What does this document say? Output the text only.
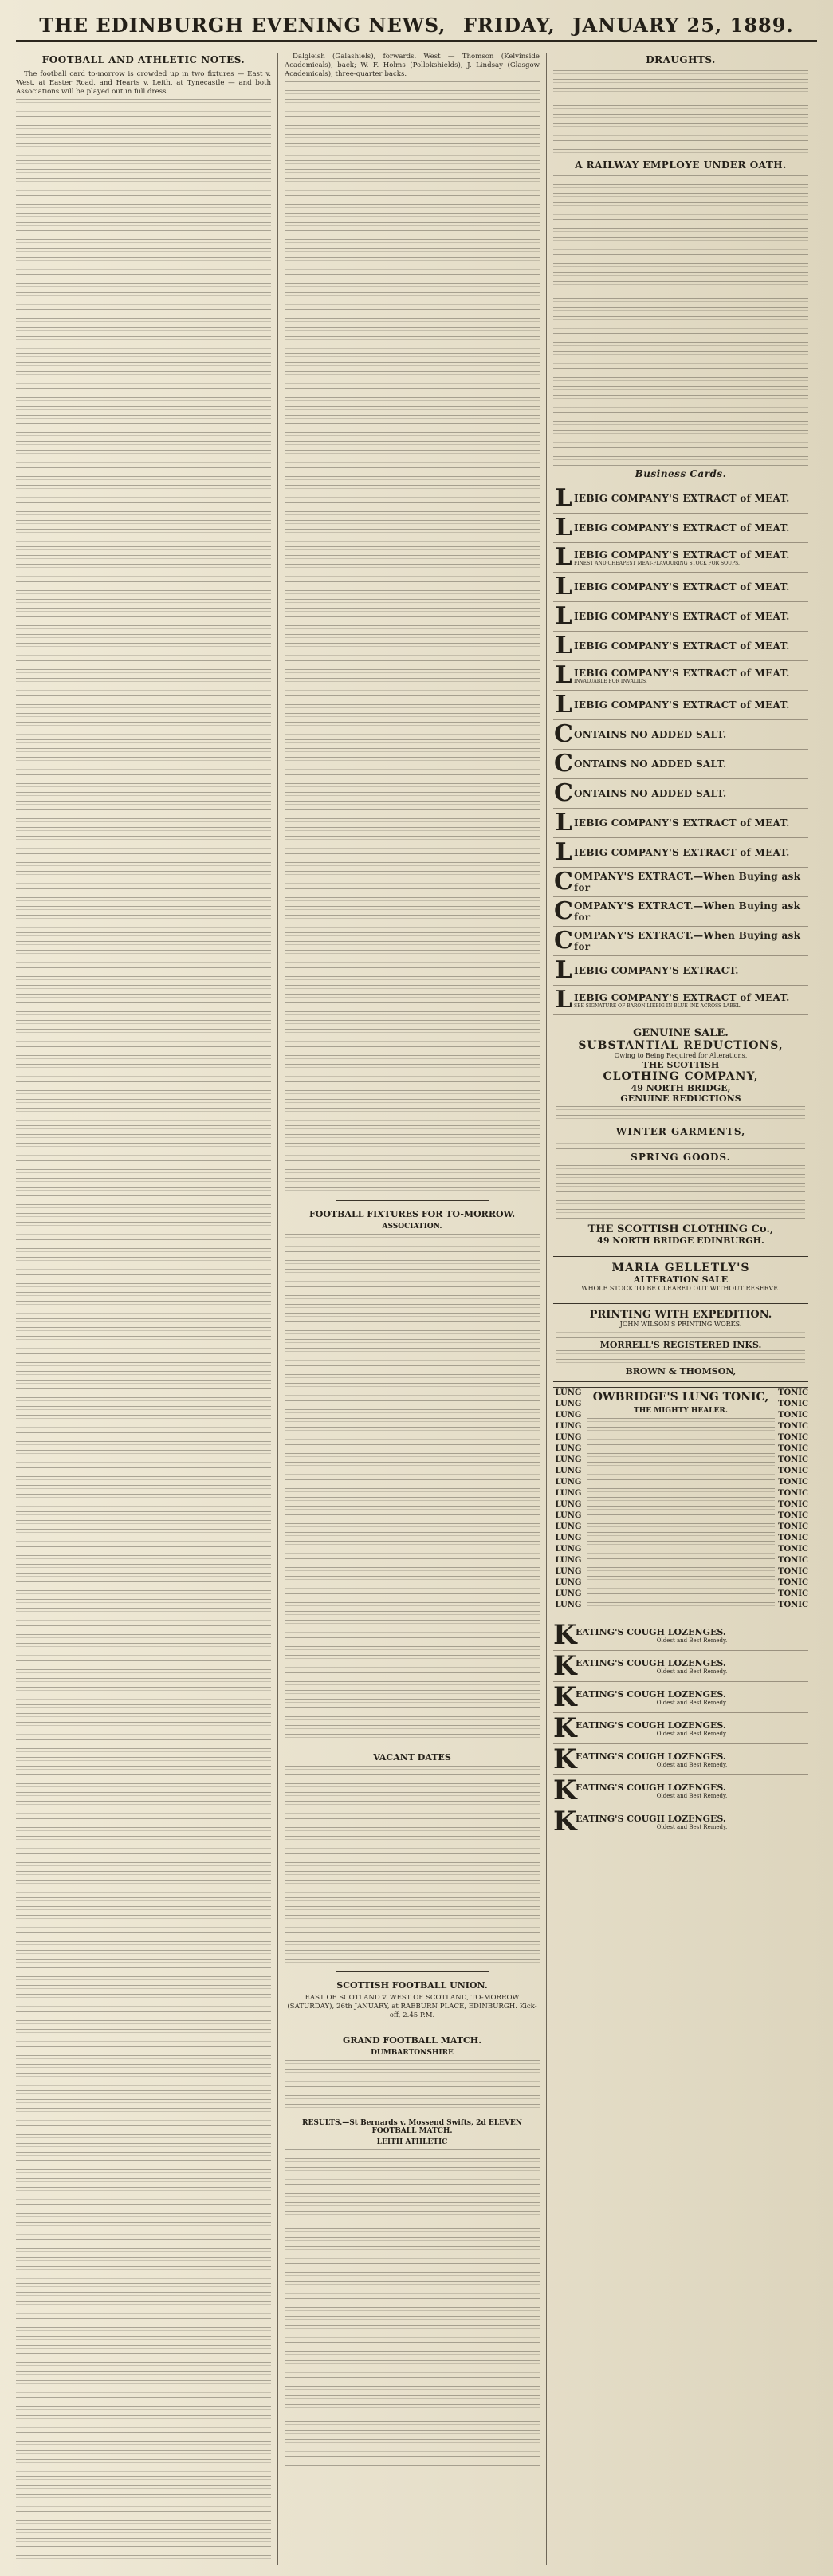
THE EDINBURGH EVENING NEWS, FRIDAY, JANUARY 25, 1889.
FOOTBALL AND ATHLETIC NOTES.

The football card to-morrow is crowded up in two fixtures — East v. West, at Easter Road, and Hearts v. Leith, at Tynecastle — and both Associations will be played out in full dress.

Dalgleish (Galashiels), forwards. West — Thomson (Kelvinside Academicals), back; W. F. Holms (Pollokshields), J. Lindsay (Glasgow Academicals), three-quarter backs.

FOOTBALL FIXTURES FOR TO-MORROW.
ASSOCIATION.
VACANT DATES
SCOTTISH FOOTBALL UNION.

EAST OF SCOTLAND v. WEST OF SCOTLAND, TO-MORROW (SATURDAY), 26th JANUARY, at RAEBURN PLACE, EDINBURGH. Kick-off, 2.45 P.M.

GRAND FOOTBALL MATCH.
DUMBARTONSHIRE
RESULTS.—St Bernards v. Mossend Swifts, 2d ELEVEN FOOTBALL MATCH.
LEITH ATHLETIC
DRAUGHTS.
A RAILWAY EMPLOYE UNDER OATH.
Business Cards.
L IEBIG COMPANY'S EXTRACT of MEAT.
L IEBIG COMPANY'S EXTRACT of MEAT.
L IEBIG COMPANY'S EXTRACT of MEAT.
FINEST AND CHEAPEST MEAT-FLAVOURING STOCK FOR SOUPS.
L IEBIG COMPANY'S EXTRACT of MEAT.
L IEBIG COMPANY'S EXTRACT of MEAT.
L IEBIG COMPANY'S EXTRACT of MEAT.
L IEBIG COMPANY'S EXTRACT of MEAT.
INVALUABLE FOR INVALIDS.
L IEBIG COMPANY'S EXTRACT of MEAT.
C ONTAINS NO ADDED SALT.
C ONTAINS NO ADDED SALT.
C ONTAINS NO ADDED SALT.
L IEBIG COMPANY'S EXTRACT of MEAT.
L IEBIG COMPANY'S EXTRACT of MEAT.
C OMPANY'S EXTRACT.—When Buying ask for
C OMPANY'S EXTRACT.—When Buying ask for
C OMPANY'S EXTRACT.—When Buying ask for
L IEBIG COMPANY'S EXTRACT.
L IEBIG COMPANY'S EXTRACT of MEAT.
SEE SIGNATURE OF BARON LIEBIG IN BLUE INK ACROSS LABEL.
GENUINE SALE.
SUBSTANTIAL REDUCTIONS,
Owing to Being Required for Alterations,
THE SCOTTISH
CLOTHING COMPANY,
49 NORTH BRIDGE,
GENUINE REDUCTIONS
WINTER GARMENTS,
SPRING GOODS.
THE SCOTTISH CLOTHING Co.,
49 NORTH BRIDGE EDINBURGH.
MARIA GELLETLY'S
ALTERATION SALE
WHOLE STOCK TO BE CLEARED OUT WITHOUT RESERVE.
PRINTING WITH EXPEDITION.
JOHN WILSON'S PRINTING WORKS.
MORRELL'S REGISTERED INKS.
BROWN & THOMSON,
LUNG
LUNG
LUNG
LUNG
LUNG
LUNG
LUNG
LUNG
LUNG
LUNG
LUNG
LUNG
LUNG
LUNG
LUNG
LUNG
LUNG
LUNG
LUNG
LUNG
OWBRIDGE'S LUNG TONIC,
THE MIGHTY HEALER.
TONIC
TONIC
TONIC
TONIC
TONIC
TONIC
TONIC
TONIC
TONIC
TONIC
TONIC
TONIC
TONIC
TONIC
TONIC
TONIC
TONIC
TONIC
TONIC
TONIC
K
EATING'S COUGH LOZENGES.
Oldest and Best Remedy.
K
EATING'S COUGH LOZENGES.
Oldest and Best Remedy.
K
EATING'S COUGH LOZENGES.
Oldest and Best Remedy.
K
EATING'S COUGH LOZENGES.
Oldest and Best Remedy.
K
EATING'S COUGH LOZENGES.
Oldest and Best Remedy.
K
EATING'S COUGH LOZENGES.
Oldest and Best Remedy.
K
EATING'S COUGH LOZENGES.
Oldest and Best Remedy.
